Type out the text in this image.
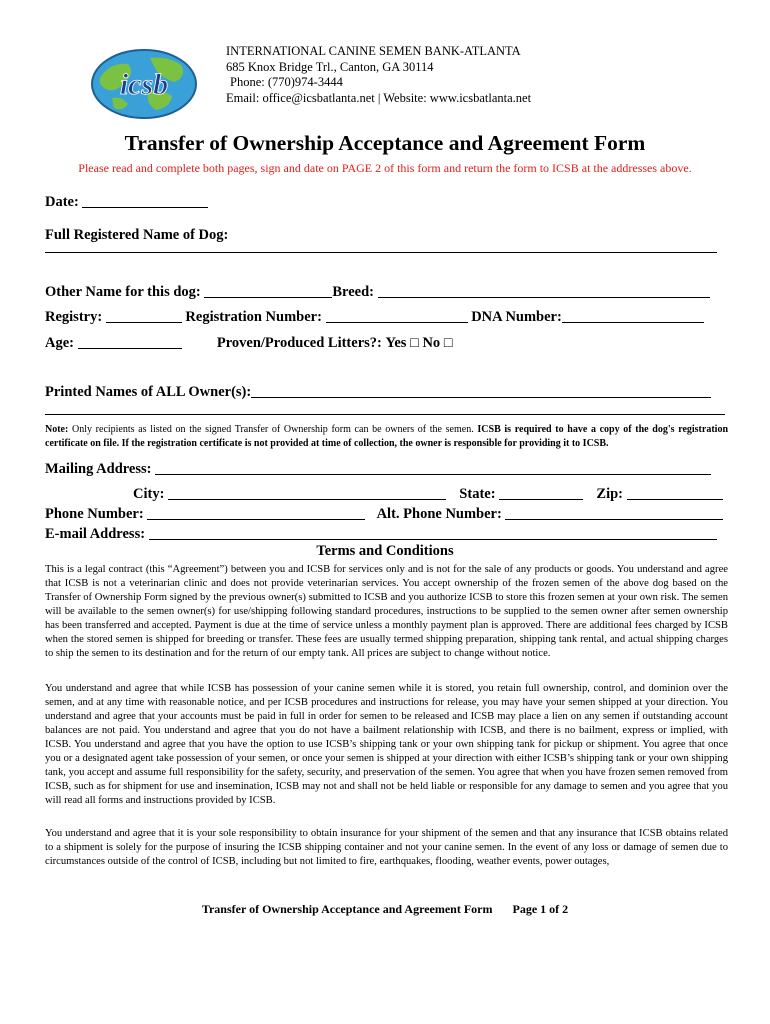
icsb
INTERNATIONAL CANINE SEMEN BANK-ATLANTA
685 Knox Bridge Trl., Canton, GA 30114
Phone: (770)974-3444
Email: office@icsbatlanta.net | Website: www.icsbatlanta.net
Transfer of Ownership Acceptance and Agreement Form
Please read and complete both pages, sign and date on PAGE 2 of this form and return the form to ICSB at the addresses above.
Date:
Full Registered Name of Dog:
Other Name for this dog:	Breed:
Registry:	Registration Number:	DNA Number:
Age:	Proven/Produced Litters?: Yes □ No □
Printed Names of ALL Owner(s):
Note: Only recipients as listed on the signed Transfer of Ownership form can be owners of the semen. ICSB is required to have a copy of the dog's registration certificate on file. If the registration certificate is not provided at time of collection, the owner is responsible for providing it to ICSB.
Mailing Address:
City:	State:	Zip:
Phone Number:	Alt. Phone Number:
E-mail Address:
Terms and Conditions
This is a legal contract (this “Agreement”) between you and ICSB for services only and is not for the sale of any products or goods. You understand and agree that ICSB is not a veterinarian clinic and does not provide veterinarian services. You accept ownership of the frozen semen of the above dog based on the Transfer of Ownership Form signed by the previous owner(s) submitted to ICSB and you authorize ICSB to store this frozen semen at your own risk. The semen will be available to the semen owner(s) for use/shipping following standard procedures, instructions to be supplied to the semen owner after semen ownership has been transferred and accepted. Payment is due at the time of service unless a monthly payment plan is approved. There are additional fees charged by ICSB when the stored semen is shipped for breeding or transfer. These fees are usually termed shipping preparation, shipping tank rental, and actual shipping charges to ship the semen to its destination and for the return of our empty tank. All prices are subject to change without notice.
You understand and agree that while ICSB has possession of your canine semen while it is stored, you retain full ownership, control, and dominion over the semen, and at any time with reasonable notice, and per ICSB procedures and instructions for release, you may have your semen shipped at your direction. You understand and agree that your accounts must be paid in full in order for semen to be released and ICSB may place a lien on any semen if outstanding account balances are not paid. You understand and agree that you do not have a bailment relationship with ICSB, and there is no bailment, express or implied, with ICSB. You understand and agree that you have the option to use ICSB’s shipping tank or your own shipping tank for pickup or shipment. You agree that once you or a designated agent take possession of your semen, or once your semen is shipped at your direction with either ICSB’s shipping tank or your own shipping tank, you accept and assume full responsibility for the safety, security, and preservation of the semen. You agree that when you have frozen semen removed from ICSB, such as for shipment for use and insemination, ICSB may not and shall not be held liable or responsible for any damage to semen and you agree that you will read all forms and instructions provided by ICSB.
You understand and agree that it is your sole responsibility to obtain insurance for your shipment of the semen and that any insurance that ICSB obtains related to a shipment is solely for the purpose of insuring the ICSB shipping container and not your canine semen. In the event of any loss or damage of semen due to circumstances outside of the control of ICSB, including but not limited to fire, earthquakes, flooding, weather events, power outages,
Transfer of Ownership Acceptance and Agreement Form Page 1 of 2
